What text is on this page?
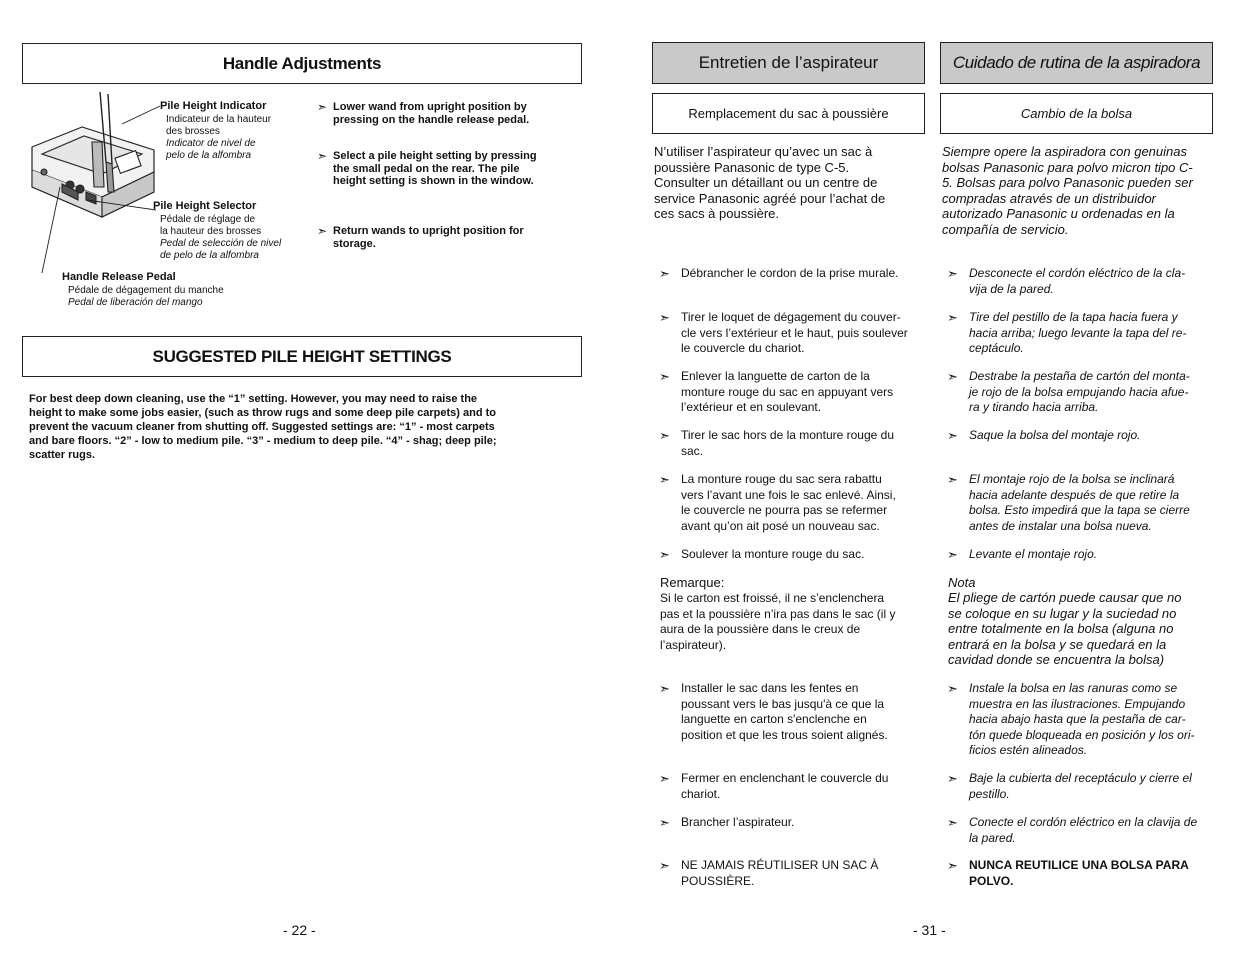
Handle Adjustments
Pile Height Indicator
Indicateur de la hauteur
des brosses
Indicator de nivel de
pelo de la alfombra
Pile Height Selector
Pédale de réglage de
la hauteur des brosses
Pedal de selección de nivel
de pelo de la alfombra
Handle Release Pedal
Pédale de dégagement du manche
Pedal de liberación del mango
➣ Lower wand from upright position by
pressing on the handle release pedal.
➣ Select a pile height setting by pressing
the small pedal on the rear. The pile
height setting is shown in the window.
➣ Return wands to upright position for
storage.
SUGGESTED PILE HEIGHT SETTINGS
For best deep down cleaning, use the “1” setting. However, you may need to raise the
height to make some jobs easier, (such as throw rugs and some deep pile carpets) and to
prevent the vacuum cleaner from shutting off. Suggested settings are: “1” - most carpets
and bare floors. “2” - low to medium pile. “3” - medium to deep pile. “4” - shag; deep pile;
scatter rugs.
- 22 -
Entretien de l’aspirateur	Cuidado de rutina de la aspiradora
Remplacement du sac à poussière	Cambio de la bolsa
N’utiliser l’aspirateur qu’avec un sac à
poussière Panasonic de type C-5.
Consulter un détaillant ou un centre de
service Panasonic agréé pour l’achat de
ces sacs à poussière.
Siempre opere la aspiradora con genuinas
bolsas Panasonic para polvo micron tipo C-
5. Bolsas para polvo Panasonic pueden ser
compradas através de un distribuidor
autorizado Panasonic u ordenadas en la
compañía de servicio.
➣ Débrancher le cordon de la prise murale.
➣ Tirer le loquet de dégagement du couver-
cle vers l’extérieur et le haut, puis soulever
le couvercle du chariot.
➣ Enlever la languette de carton de la
monture rouge du sac en appuyant vers
l’extérieur et en soulevant.
➣ Tirer le sac hors de la monture rouge du
sac.
➣ La monture rouge du sac sera rabattu
vers l’avant une fois le sac enlevé. Ainsi,
le couvercle ne pourra pas se refermer
avant qu’on ait posé un nouveau sac.
➣ Soulever la monture rouge du sac.
Remarque:
Si le carton est froissé, il ne s’enclenchera
pas et la poussière n’ira pas dans le sac (il y
aura de la poussière dans le creux de
l’aspirateur).
➣ Installer le sac dans les fentes en
poussant vers le bas jusqu'à ce que la
languette en carton s'enclenche en
position et que les trous soient alignés.
➣ Fermer en enclenchant le couvercle du
chariot.
➣ Brancher l’aspirateur.
➣ NE JAMAIS RÉUTILISER UN SAC À
POUSSIÈRE.
➣ Desconecte el cordón eléctrico de la cla-
vija de la pared.
➣ Tire del pestillo de la tapa hacia fuera y
hacia arriba; luego levante la tapa del re-
ceptáculo.
➣ Destrabe la pestaña de cartón del monta-
je rojo de la bolsa empujando hacia afue-
ra y tirando hacia arriba.
➣ Saque la bolsa del montaje rojo.
➣ El montaje rojo de la bolsa se inclinará
hacia adelante después de que retire la
bolsa. Esto impedirá que la tapa se cierre
antes de instalar una bolsa nueva.
➣ Levante el montaje rojo.
Nota
El pliege de cartón puede causar que no
se coloque en su lugar y la suciedad no
entre totalmente en la bolsa (alguna no
entrará en la bolsa y se quedará en la
cavidad donde se encuentra la bolsa)
➣ Instale la bolsa en las ranuras como se
muestra en las ilustraciones. Empujando
hacia abajo hasta que la pestaña de car-
tón quede bloqueada en posición y los ori-
ficios estén alineados.
➣ Baje la cubierta del receptáculo y cierre el
pestillo.
➣ Conecte el cordón eléctrico en la clavija de
la pared.
➣ NUNCA REUTILICE UNA BOLSA PARA
POLVO.
- 31 -
